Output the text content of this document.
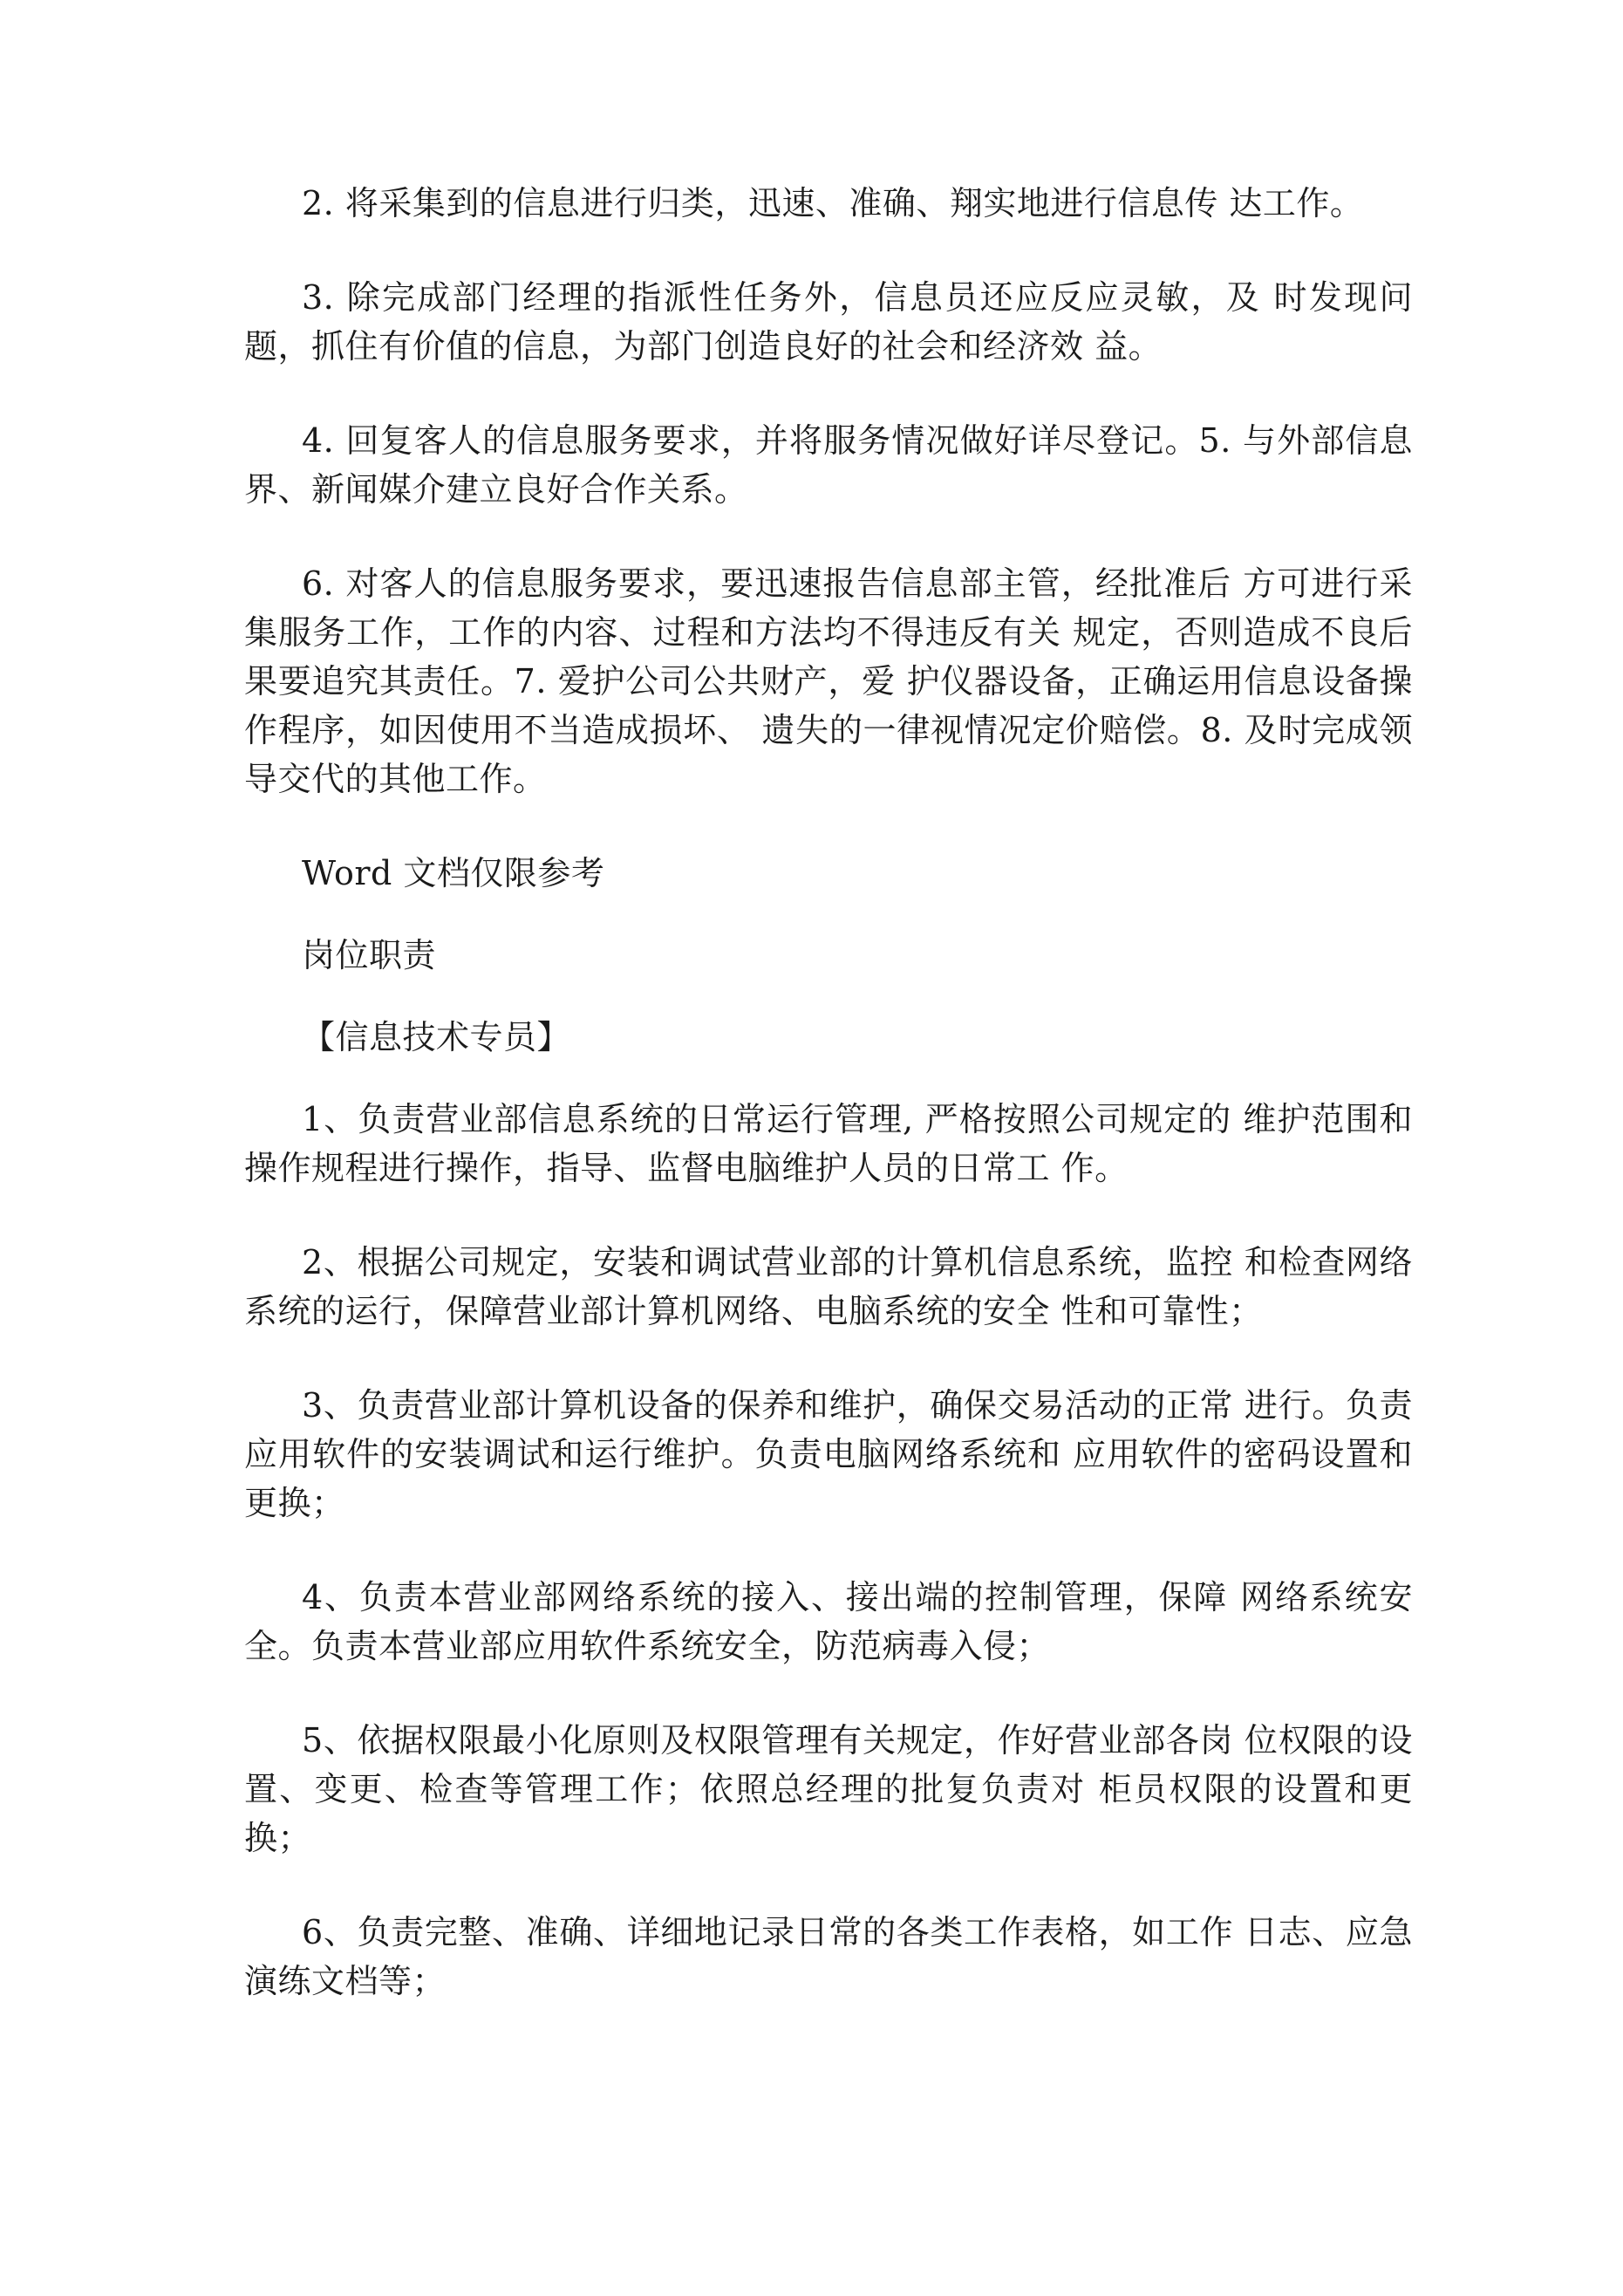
2. 将采集到的信息进行归类，迅速、准确、翔实地进行信息传 达工作。

3. 除完成部门经理的指派性任务外，信息员还应反应灵敏，及 时发现问题，抓住有价值的信息，为部门创造良好的社会和经济效 益。

4. 回复客人的信息服务要求，并将服务情况做好详尽登记。5. 与外部信息界、新闻媒介建立良好合作关系。

6. 对客人的信息服务要求，要迅速报告信息部主管，经批准后 方可进行采集服务工作，工作的内容、过程和方法均不得违反有关 规定，否则造成不良后果要追究其责任。7. 爱护公司公共财产，爱 护仪器设备，正确运用信息设备操作程序，如因使用不当造成损坏、 遗失的一律视情况定价赔偿。8. 及时完成领导交代的其他工作。

Word 文档仅限参考

岗位职责

【信息技术专员】

1、负责营业部信息系统的日常运行管理, 严格按照公司规定的 维护范围和操作规程进行操作，指导、监督电脑维护人员的日常工 作。

2、根据公司规定，安装和调试营业部的计算机信息系统，监控 和检查网络系统的运行，保障营业部计算机网络、电脑系统的安全 性和可靠性；

3、负责营业部计算机设备的保养和维护，确保交易活动的正常 进行。负责应用软件的安装调试和运行维护。负责电脑网络系统和 应用软件的密码设置和更换；

4、负责本营业部网络系统的接入、接出端的控制管理，保障 网络系统安全。负责本营业部应用软件系统安全，防范病毒入侵；

5、依据权限最小化原则及权限管理有关规定，作好营业部各岗 位权限的设置、变更、检查等管理工作；依照总经理的批复负责对 柜员权限的设置和更换；

6、负责完整、准确、详细地记录日常的各类工作表格，如工作 日志、应急演练文档等；
